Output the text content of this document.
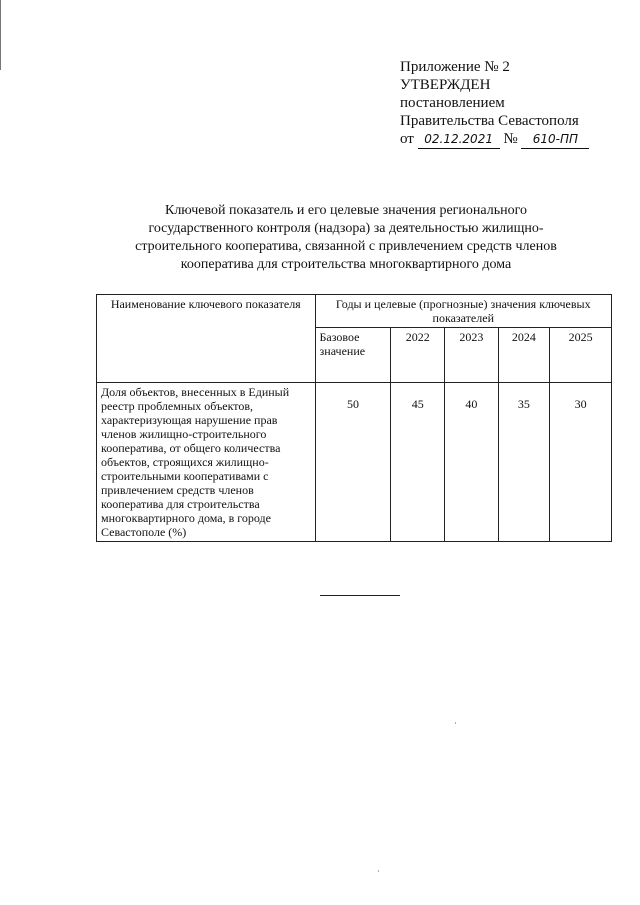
Приложение № 2
УТВЕРЖДЕН
постановлением
Правительства Севастополя
от 02.12.2021 № 610-ПП
Ключевой показатель и его целевые значения регионального
государственного контроля (надзора) за деятельностью жилищно-
строительного кооператива, связанной с привлечением средств членов
кооператива для строительства многоквартирного дома
Наименование ключевого показателя	Годы и целевые (прогнозные) значения ключевых показателей				
	Базовое значение	2022	2023	2024	2025
Доля объектов, внесенных в Единый реестр проблемных объектов, характеризующая нарушение прав членов жилищно-строительного кооператива, от общего количества объектов, строящихся жилищно-строительными кооперативами с привлечением средств членов кооператива для строительства многоквартирного дома, в городе Севастополе (%)	50	45	40	35	30
